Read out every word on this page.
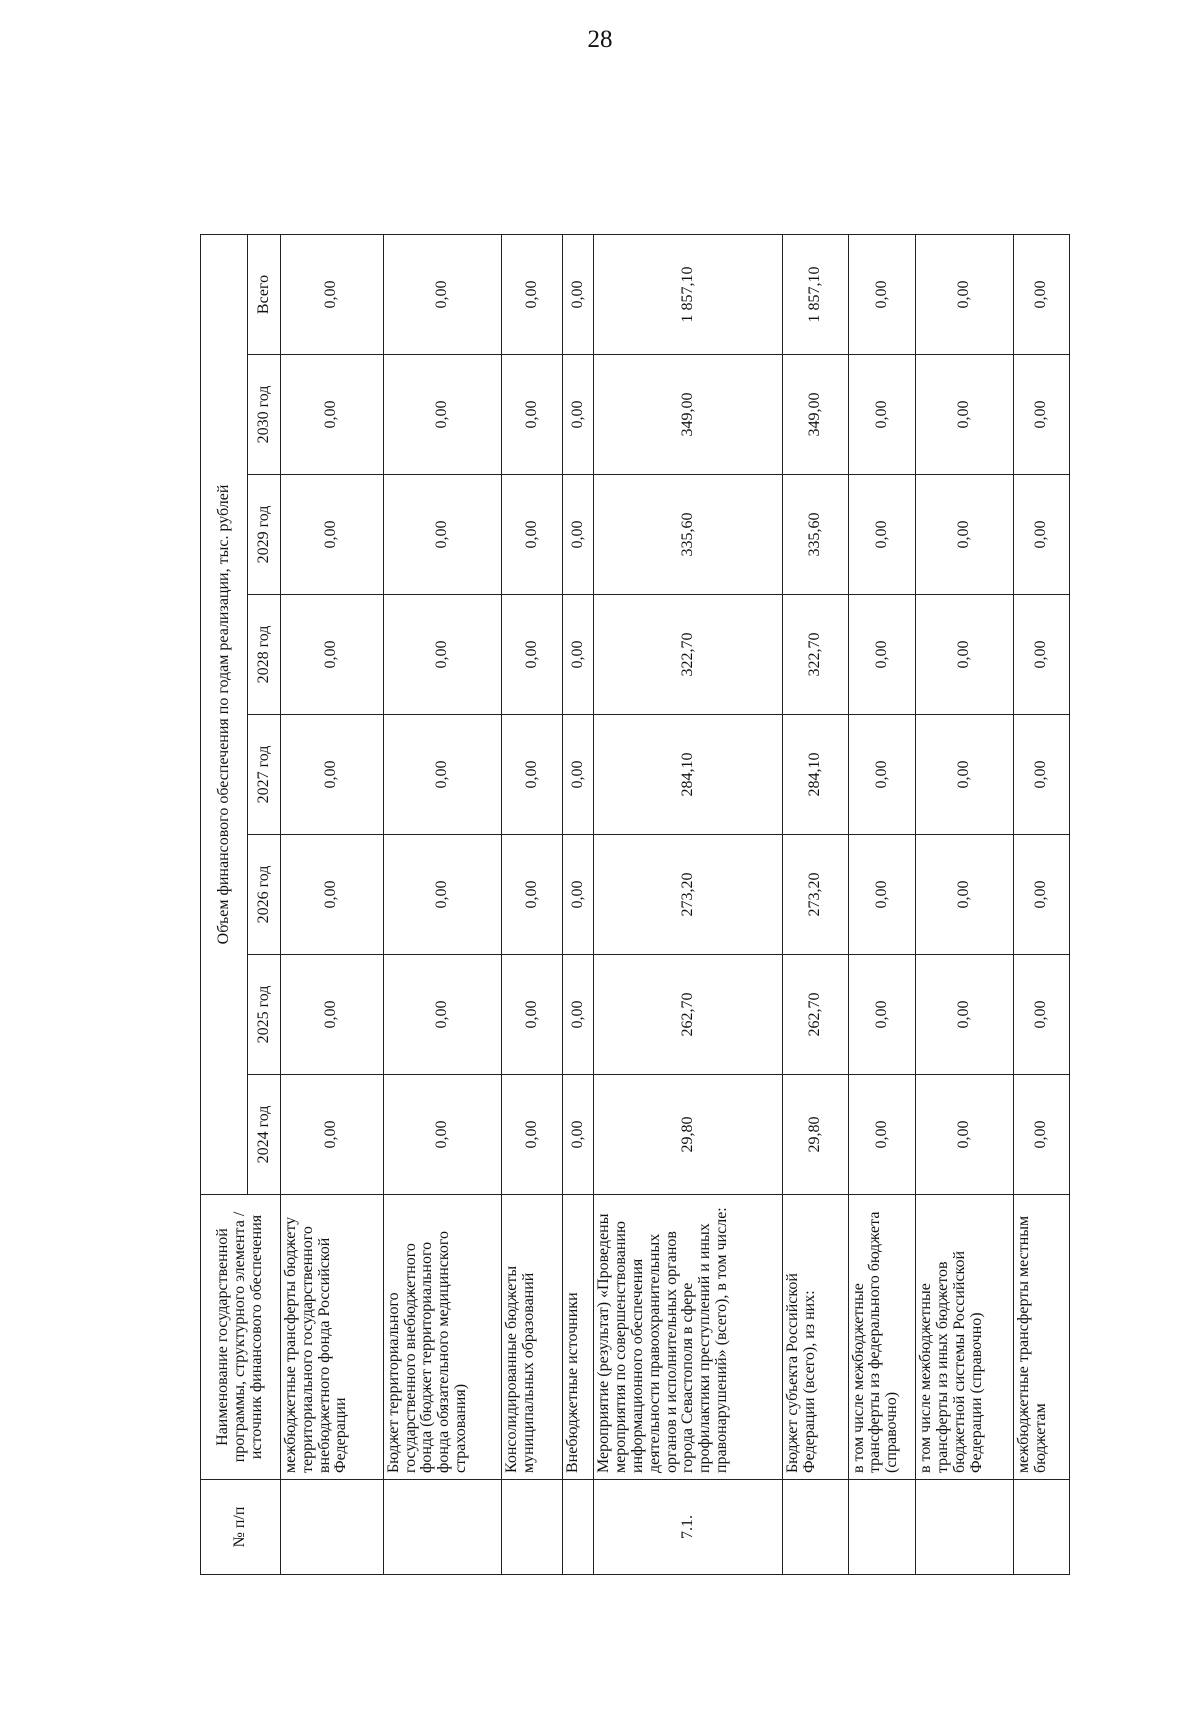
28
№ п/п	Наименование государственной программы, структурного элемента / источник финансового обеспечения	Объем финансового обеспечения по годам реализации, тыс. рублей							
		2024 год	2025 год	2026 год	2027 год	2028 год	2029 год	2030 год	Всего
	межбюджетные трансферты бюджету территориального государственного внебюджетного фонда Российской Федерации	0,00	0,00	0,00	0,00	0,00	0,00	0,00	0,00
	Бюджет территориального государственного внебюджетного фонда (бюджет территориального фонда обязательного медицинского страхования)	0,00	0,00	0,00	0,00	0,00	0,00	0,00	0,00
	Консолидированные бюджеты муниципальных образований	0,00	0,00	0,00	0,00	0,00	0,00	0,00	0,00
	Внебюджетные источники	0,00	0,00	0,00	0,00	0,00	0,00	0,00	0,00
7.1.	Мероприятие (результат) «Проведены мероприятия по совершенствованию информационного обеспечения деятельности правоохранительных органов и исполнительных органов города Севастополя в сфере профилактики преступлений и иных правонарушений» (всего), в том числе:	29,80	262,70	273,20	284,10	322,70	335,60	349,00	1 857,10
	Бюджет субъекта Российской Федерации (всего), из них:	29,80	262,70	273,20	284,10	322,70	335,60	349,00	1 857,10
	в том числе межбюджетные трансферты из федерального бюджета (справочно)	0,00	0,00	0,00	0,00	0,00	0,00	0,00	0,00
	в том числе межбюджетные трансферты из иных бюджетов бюджетной системы Российской Федерации (справочно)	0,00	0,00	0,00	0,00	0,00	0,00	0,00	0,00
	межбюджетные трансферты местным бюджетам	0,00	0,00	0,00	0,00	0,00	0,00	0,00	0,00
